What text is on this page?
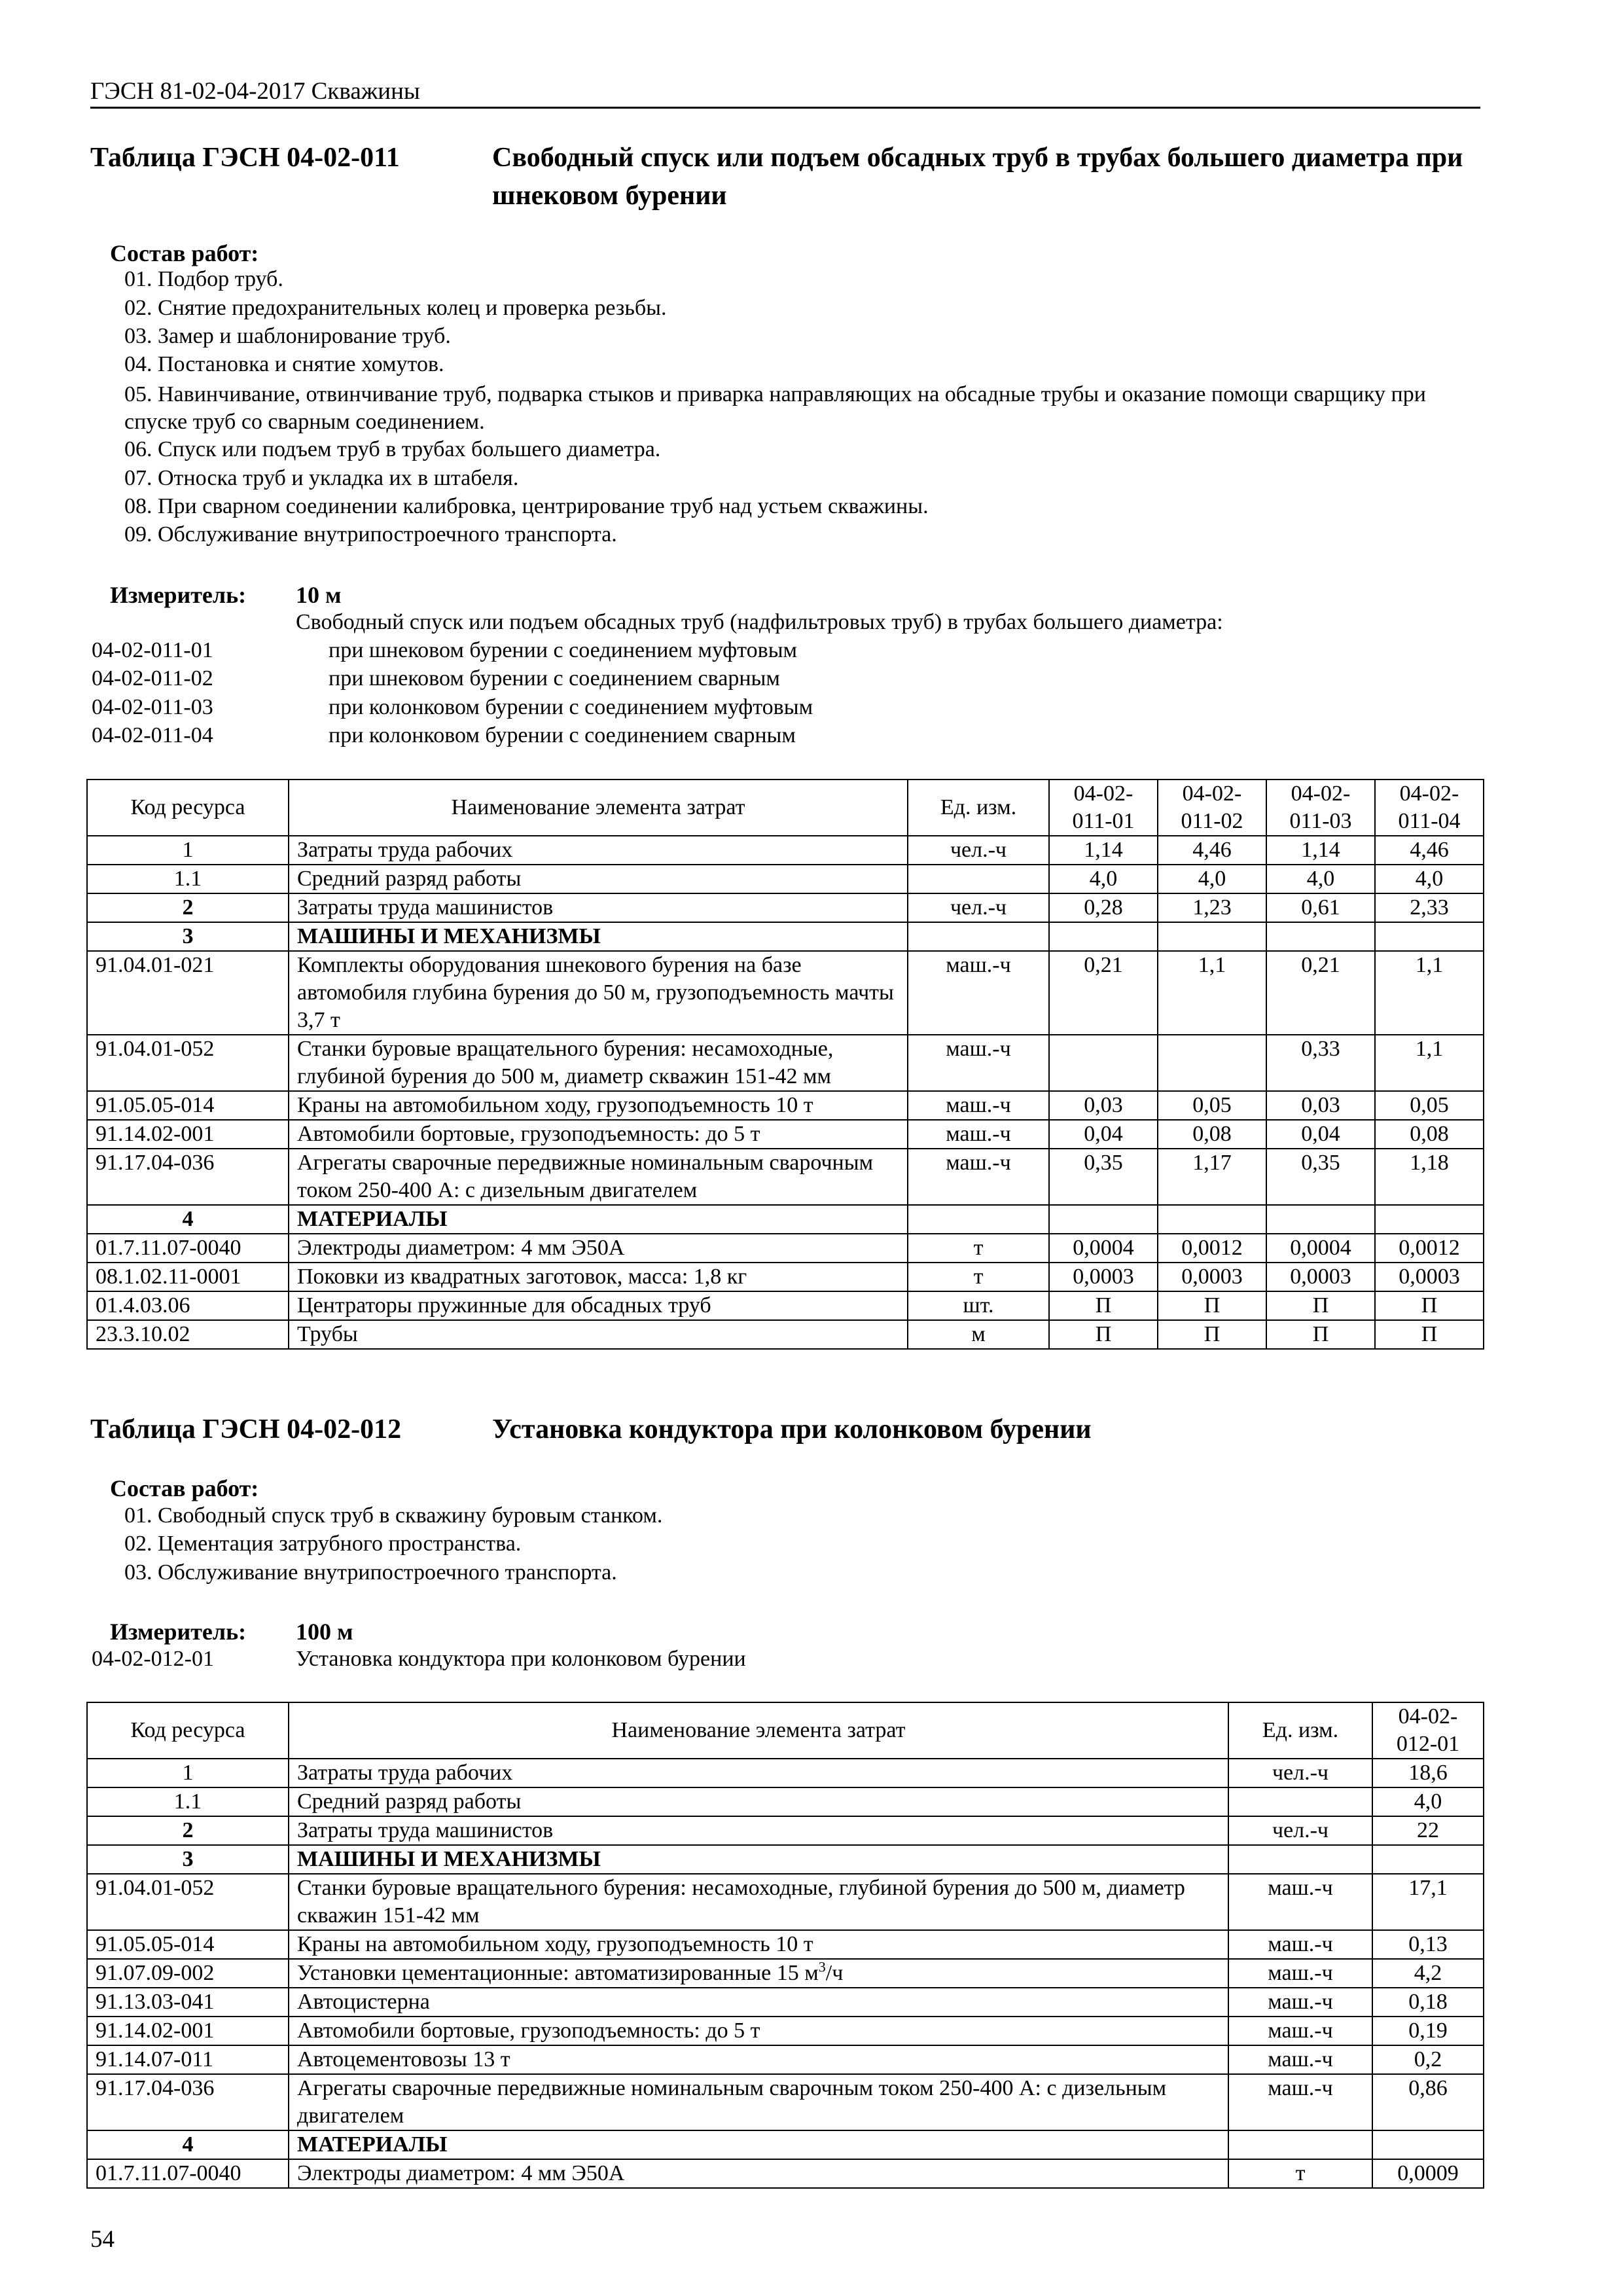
ГЭСН 81-02-04-2017 Скважины
Таблица ГЭСН 04-02-011	Свободный спуск или подъем обсадных труб в трубах большего диаметра при шнековом бурении
Состав работ:
01. Подбор труб.
02. Снятие предохранительных колец и проверка резьбы.
03. Замер и шаблонирование труб.
04. Постановка и снятие хомутов.
05. Навинчивание, отвинчивание труб, подварка стыков и приварка направляющих на обсадные трубы и оказание помощи сварщику при спуске труб со сварным соединением.
06. Спуск или подъем труб в трубах большего диаметра.
07. Относка труб и укладка их в штабеля.
08. При сварном соединении калибровка, центрирование труб над устьем скважины.
09. Обслуживание внутрипостроечного транспорта.
Измеритель: 10 м
Свободный спуск или подъем обсадных труб (надфильтровых труб) в трубах большего диаметра:
04-02-011-01	при шнековом бурении с соединением муфтовым
04-02-011-02	при шнековом бурении с соединением сварным
04-02-011-03	при колонковом бурении с соединением муфтовым
04-02-011-04	при колонковом бурении с соединением сварным
Код ресурса	Наименование элемента затрат	Ед. изм.	04-02-
011-01	04-02-
011-02	04-02-
011-03	04-02-
011-04
1	Затраты труда рабочих	чел.-ч	1,14	4,46	1,14	4,46
1.1	Средний разряд работы		4,0	4,0	4,0	4,0
2	Затраты труда машинистов	чел.-ч	0,28	1,23	0,61	2,33
3	МАШИНЫ И МЕХАНИЗМЫ					
91.04.01-021	Комплекты оборудования шнекового бурения на базе автомобиля глубина бурения до 50 м, грузоподъемность мачты 3,7 т	маш.-ч	0,21	1,1	0,21	1,1
91.04.01-052	Станки буровые вращательного бурения: несамоходные, глубиной бурения до 500 м, диаметр скважин 151-42 мм	маш.-ч			0,33	1,1
91.05.05-014	Краны на автомобильном ходу, грузоподъемность 10 т	маш.-ч	0,03	0,05	0,03	0,05
91.14.02-001	Автомобили бортовые, грузоподъемность: до 5 т	маш.-ч	0,04	0,08	0,04	0,08
91.17.04-036	Агрегаты сварочные передвижные номинальным сварочным током 250-400 А: с дизельным двигателем	маш.-ч	0,35	1,17	0,35	1,18
4	МАТЕРИАЛЫ					
01.7.11.07-0040	Электроды диаметром: 4 мм Э50А	т	0,0004	0,0012	0,0004	0,0012
08.1.02.11-0001	Поковки из квадратных заготовок, масса: 1,8 кг	т	0,0003	0,0003	0,0003	0,0003
01.4.03.06	Центраторы пружинные для обсадных труб	шт.	П	П	П	П
23.3.10.02	Трубы	м	П	П	П	П
Таблица ГЭСН 04-02-012	Установка кондуктора при колонковом бурении
Состав работ:
01. Свободный спуск труб в скважину буровым станком.
02. Цементация затрубного пространства.
03. Обслуживание внутрипостроечного транспорта.
Измеритель: 100 м
04-02-012-01	Установка кондуктора при колонковом бурении
Код ресурса	Наименование элемента затрат	Ед. изм.	04-02-
012-01
1	Затраты труда рабочих	чел.-ч	18,6
1.1	Средний разряд работы		4,0
2	Затраты труда машинистов	чел.-ч	22
3	МАШИНЫ И МЕХАНИЗМЫ		
91.04.01-052	Станки буровые вращательного бурения: несамоходные, глубиной бурения до 500 м, диаметр скважин 151-42 мм	маш.-ч	17,1
91.05.05-014	Краны на автомобильном ходу, грузоподъемность 10 т	маш.-ч	0,13
91.07.09-002	Установки цементационные: автоматизированные 15 $м^3/ч$	маш.-ч	4,2
91.13.03-041	Автоцистерна	маш.-ч	0,18
91.14.02-001	Автомобили бортовые, грузоподъемность: до 5 т	маш.-ч	0,19
91.14.07-011	Автоцементовозы 13 т	маш.-ч	0,2
91.17.04-036	Агрегаты сварочные передвижные номинальным сварочным током 250-400 А: с дизельным двигателем	маш.-ч	0,86
4	МАТЕРИАЛЫ		
01.7.11.07-0040	Электроды диаметром: 4 мм Э50А	т	0,0009
54
